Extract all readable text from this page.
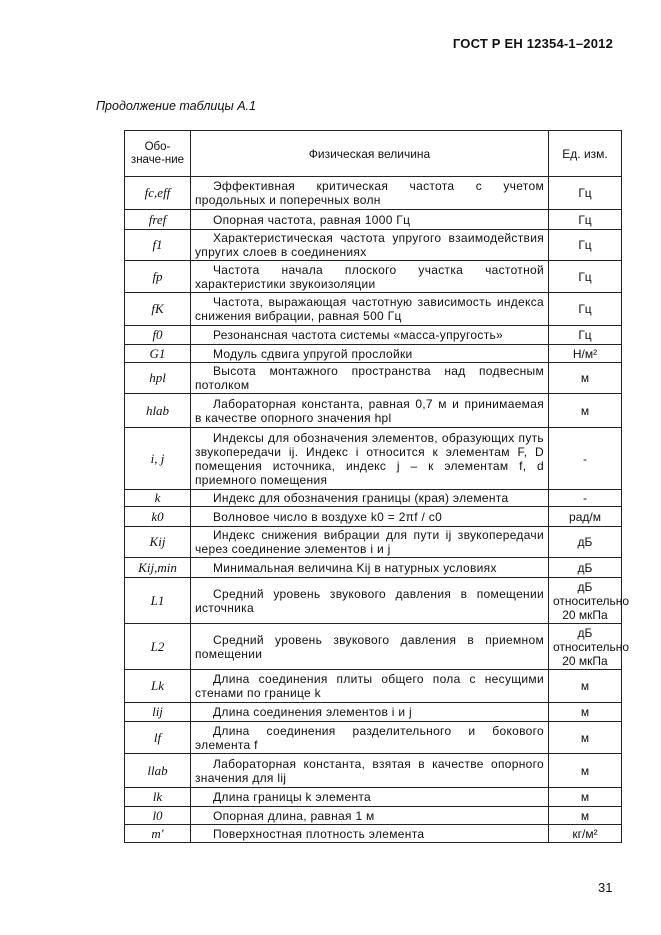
ГОСТ Р ЕН 12354-1–2012
Продолжение таблицы А.1
Обо-значе-ние	Физическая величина	Ед. изм.
fc,eff	Эффективная критическая частота с учетом продольных и поперечных волн	Гц
fref	Опорная частота, равная 1000 Гц	Гц
f1	Характеристическая частота упругого взаимодействия упругих слоев в соединениях	Гц
fp	Частота начала плоского участка частотной характеристики звукоизоляции	Гц
fK	Частота, выражающая частотную зависимость индекса снижения вибрации, равная 500 Гц	Гц
f0	Резонансная частота системы «масса-упругость»	Гц
G1	Модуль сдвига упругой прослойки	Н/м²
hpl	Высота монтажного пространства над подвесным потолком	м
hlab	Лабораторная константа, равная 0,7 м и принимаемая в качестве опорного значения hpl	м
i, j	Индексы для обозначения элементов, образующих путь звукопередачи ij. Индекс i относится к элементам F, D помещения источника, индекс j – к элементам f, d приемного помещения	-
k	Индекс для обозначения границы (края) элемента	-
k0	Волновое число в воздухе k0 = 2πf / c0	рад/м
Kij	Индекс снижения вибрации для пути ij звукопередачи через соединение элементов i и j	дБ
Kij,min	Минимальная величина Kij в натурных условиях	дБ
L1	Средний уровень звукового давления в помещении источника	дБ относительно 20 мкПа
L2	Средний уровень звукового давления в приемном помещении	дБ относительно 20 мкПа
Lk	Длина соединения плиты общего пола с несущими стенами по границе k	м
lij	Длина соединения элементов i и j	м
lf	Длина соединения разделительного и бокового элемента f	м
llab	Лабораторная константа, взятая в качестве опорного значения для lij	м
lk	Длина границы k элемента	м
l0	Опорная длина, равная 1 м	м
m'	Поверхностная плотность элемента	кг/м²
31
